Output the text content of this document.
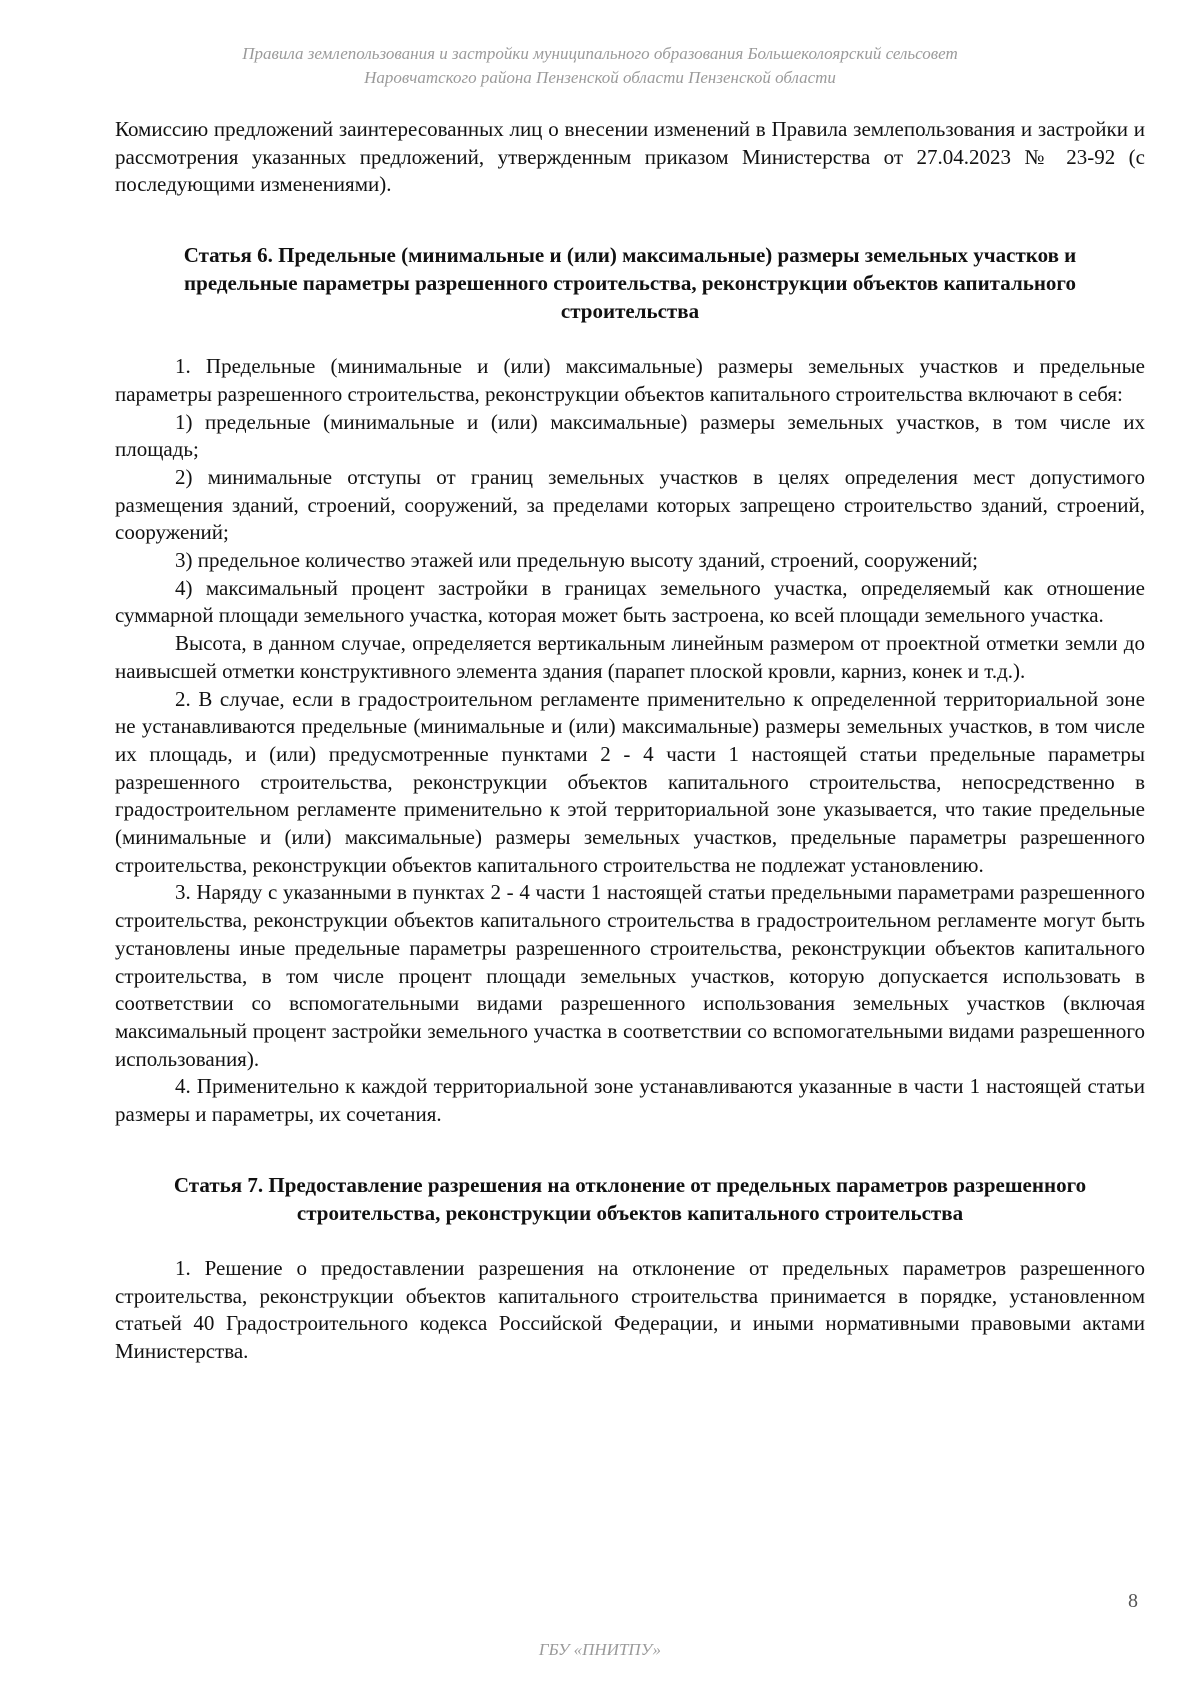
Правила землепользования и застройки муниципального образования Большеколоярский сельсовет
Наровчатского района Пензенской области Пензенской области

Комиссию предложений заинтересованных лиц о внесении изменений в Правила землепользования и застройки и рассмотрения указанных предложений, утвержденным приказом Министерства от 27.04.2023 № 23-92 (с последующими изменениями).

Статья 6. Предельные (минимальные и (или) максимальные) размеры земельных участков и предельные параметры разрешенного строительства, реконструкции объектов капитального строительства

1. Предельные (минимальные и (или) максимальные) размеры земельных участков и предельные параметры разрешенного строительства, реконструкции объектов капитального строительства включают в себя:

1) предельные (минимальные и (или) максимальные) размеры земельных участков, в том числе их площадь;

2) минимальные отступы от границ земельных участков в целях определения мест допустимого размещения зданий, строений, сооружений, за пределами которых запрещено строительство зданий, строений, сооружений;

3) предельное количество этажей или предельную высоту зданий, строений, сооружений;

4) максимальный процент застройки в границах земельного участка, определяемый как отношение суммарной площади земельного участка, которая может быть застроена, ко всей площади земельного участка.

Высота, в данном случае, определяется вертикальным линейным размером от проектной отметки земли до наивысшей отметки конструктивного элемента здания (парапет плоской кровли, карниз, конек и т.д.).

2. В случае, если в градостроительном регламенте применительно к определенной территориальной зоне не устанавливаются предельные (минимальные и (или) максимальные) размеры земельных участков, в том числе их площадь, и (или) предусмотренные пунктами 2 - 4 части 1 настоящей статьи предельные параметры разрешенного строительства, реконструкции объектов капитального строительства, непосредственно в градостроительном регламенте применительно к этой территориальной зоне указывается, что такие предельные (минимальные и (или) максимальные) размеры земельных участков, предельные параметры разрешенного строительства, реконструкции объектов капитального строительства не подлежат установлению.

3. Наряду с указанными в пунктах 2 - 4 части 1 настоящей статьи предельными параметрами разрешенного строительства, реконструкции объектов капитального строительства в градостроительном регламенте могут быть установлены иные предельные параметры разрешенного строительства, реконструкции объектов капитального строительства, в том числе процент площади земельных участков, которую допускается использовать в соответствии со вспомогательными видами разрешенного использования земельных участков (включая максимальный процент застройки земельного участка в соответствии со вспомогательными видами разрешенного использования).

4. Применительно к каждой территориальной зоне устанавливаются указанные в части 1 настоящей статьи размеры и параметры, их сочетания.

Статья 7. Предоставление разрешения на отклонение от предельных параметров разрешенного строительства, реконструкции объектов капитального строительства

1. Решение о предоставлении разрешения на отклонение от предельных параметров разрешенного строительства, реконструкции объектов капитального строительства принимается в порядке, установленном статьей 40 Градостроительного кодекса Российской Федерации, и иными нормативными правовыми актами Министерства.

8
ГБУ «ПНИТПУ»
